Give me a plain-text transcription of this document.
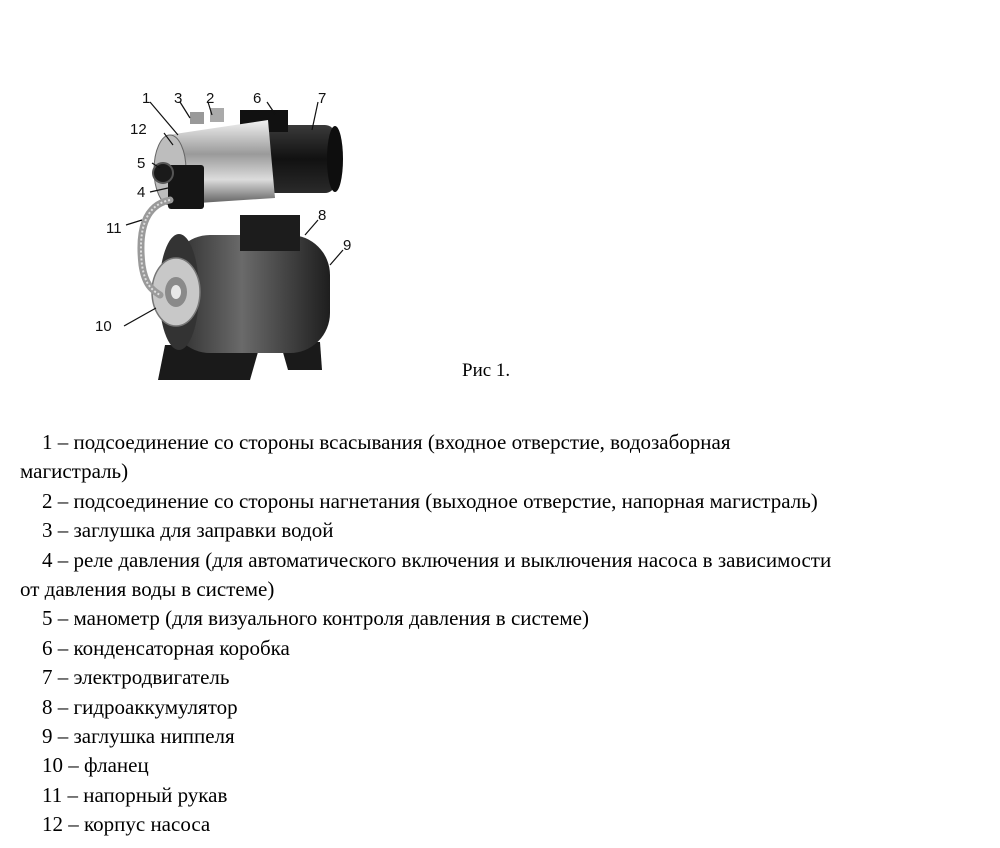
1	2
3
4
5
6	7
8
9
10
11
12
Рис 1.
1 – подсоединение со стороны всасывания (входное отверстие, водозаборная
магистраль)
2 – подсоединение со стороны нагнетания (выходное отверстие, напорная магистраль)
3 – заглушка для заправки водой
4 – реле давления (для автоматического включения и выключения насоса в зависимости
от давления воды в системе)
5 – манометр (для визуального контроля давления в системе)
6 – конденсаторная коробка
7 – электродвигатель
8 – гидроаккумулятор
9 – заглушка ниппеля
10 – фланец
11 – напорный рукав
12 – корпус насоса
